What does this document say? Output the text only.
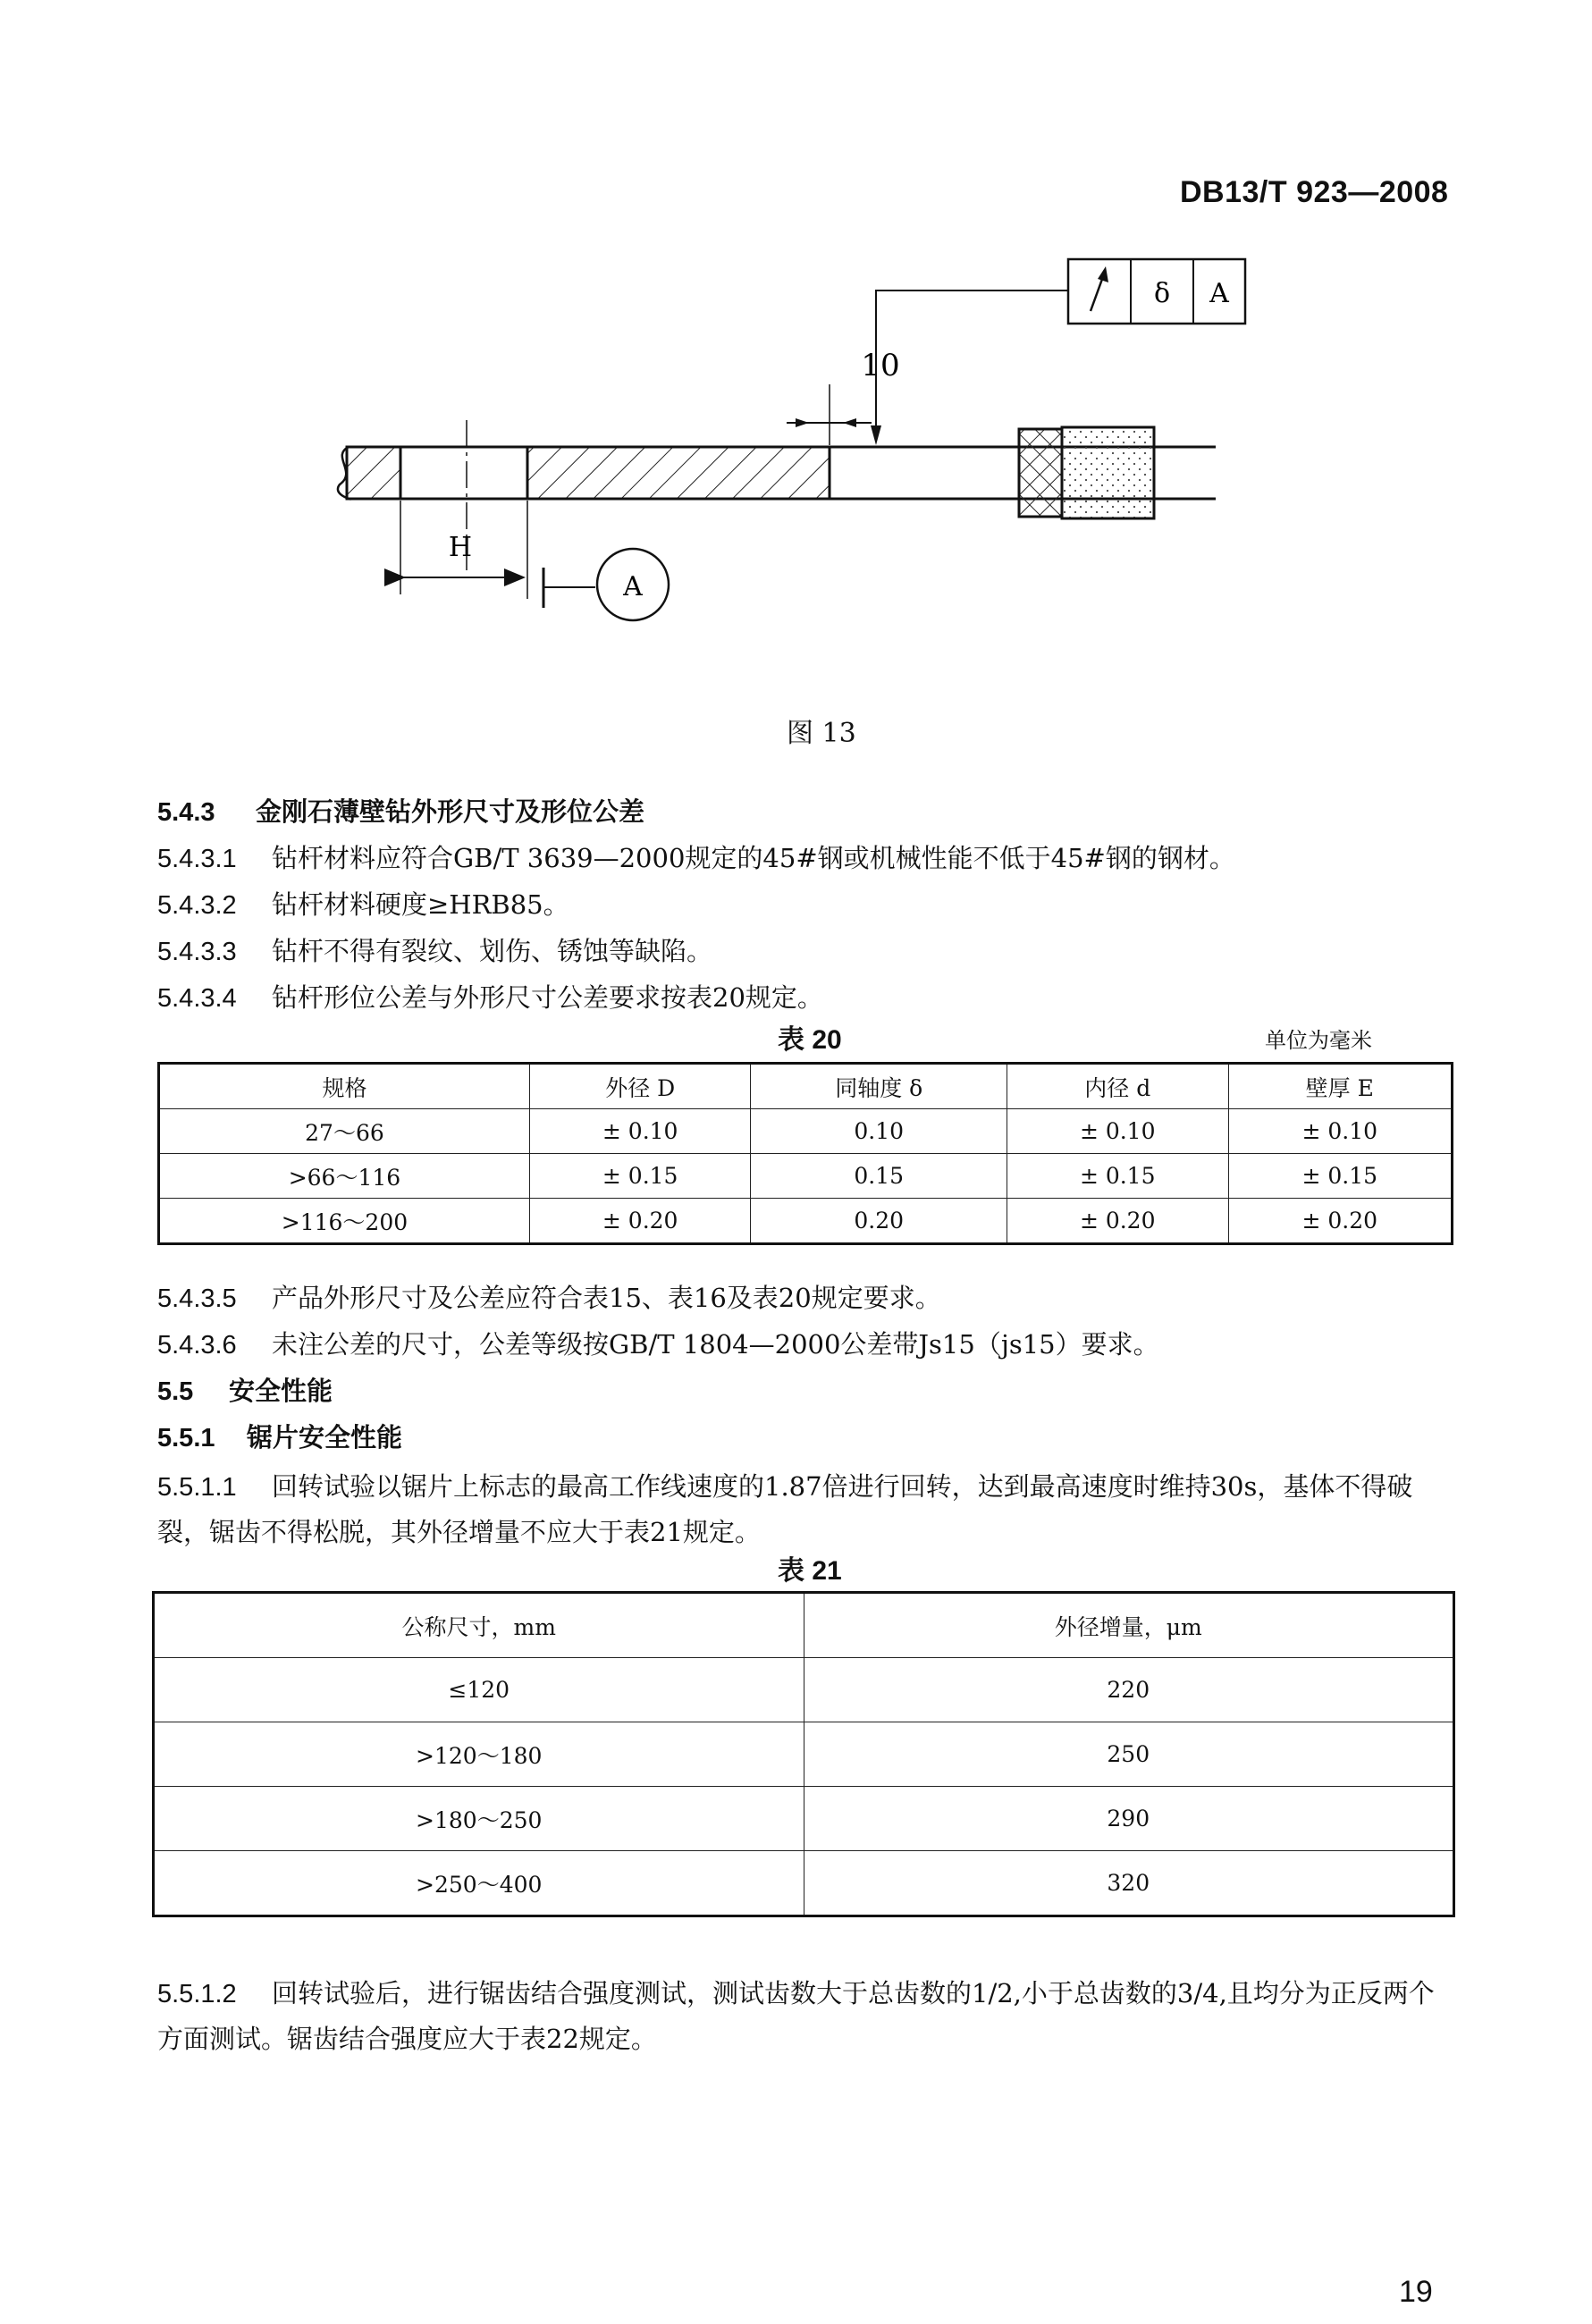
DB13/T 923—2008
H
A
10
δ A
图 13
5.4.3 金刚石薄壁钻外形尺寸及形位公差
5.4.3.1 钻杆材料应符合GB/T 3639—2000规定的45#钢或机械性能不低于45#钢的钢材。
5.4.3.2 钻杆材料硬度≥HRB85。
5.4.3.3 钻杆不得有裂纹、划伤、锈蚀等缺陷。
5.4.3.4 钻杆形位公差与外形尺寸公差要求按表20规定。
表 20	单位为毫米
规格	外径 D	同轴度 δ	内径 d	壁厚 E
27～66	± 0.10	0.10	± 0.10	± 0.10
>66～116	± 0.15	0.15	± 0.15	± 0.15
>116～200	± 0.20	0.20	± 0.20	± 0.20
5.4.3.5 产品外形尺寸及公差应符合表15、表16及表20规定要求。
5.4.3.6 未注公差的尺寸，公差等级按GB/T 1804—2000公差带Js15（js15）要求。
5.5 安全性能
5.5.1 锯片安全性能
5.5.1.1 回转试验以锯片上标志的最高工作线速度的1.87倍进行回转，达到最高速度时维持30s，基体不得破裂，锯齿不得松脱，其外径增量不应大于表21规定。
表 21
公称尺寸，mm	外径增量，μm
≤120	220
>120～180	250
>180～250	290
>250～400	320
5.5.1.2 回转试验后，进行锯齿结合强度测试，测试齿数大于总齿数的1/2,小于总齿数的3/4,且均分为正反两个方面测试。锯齿结合强度应大于表22规定。
19
